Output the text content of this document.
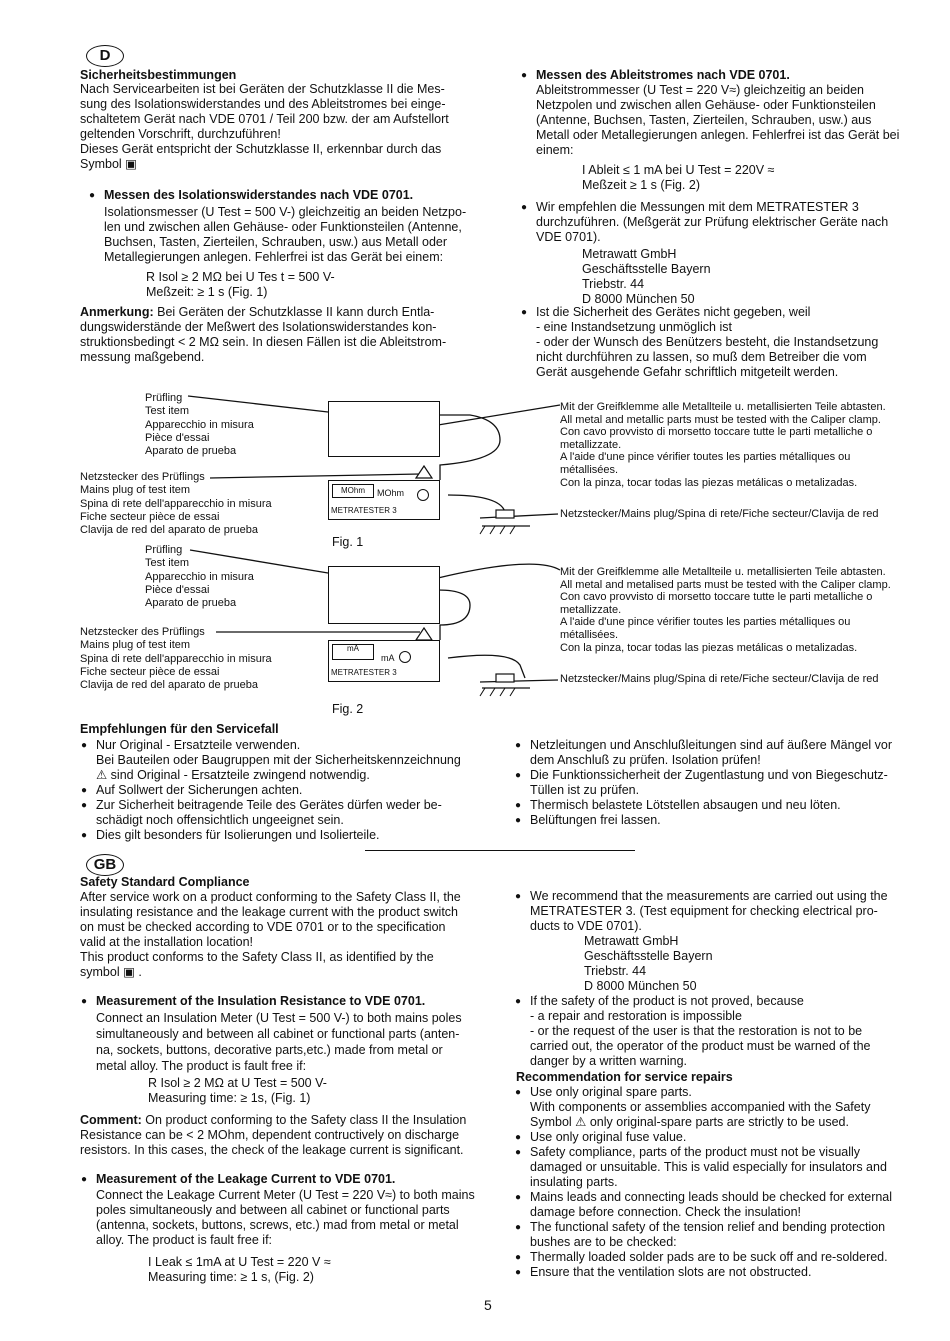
D
Sicherheitsbestimmungen
Nach Servicearbeiten ist bei Geräten der Schutzklasse II die Mes-
sung des Isolationswiderstandes und des Ableitstromes bei einge-
schaltetem Gerät nach VDE 0701 / Teil 200 bzw. der am Aufstellort
geltenden Vorschrift, durchzuführen!
Dieses Gerät entspricht der Schutzklasse II, erkennbar durch das
Symbol ▣
● Messen des Isolationswiderstandes nach VDE 0701.
Isolationsmesser (U Test = 500 V-) gleichzeitig an beiden Netzpo-
len und zwischen allen Gehäuse- oder Funktionsteilen (Antenne,
Buchsen, Tasten, Zierteilen, Schrauben, usw.) aus Metall oder
Metallegierungen anlegen. Fehlerfrei ist das Gerät bei einem:
R Isol ≥ 2 MΩ bei U Tes t = 500 V-
Meßzeit: ≥ 1 s (Fig. 1)
Anmerkung: Bei Geräten der Schutzklasse II kann durch Entla-
dungswiderstände der Meßwert des Isolationswiderstandes kon-
struktionsbedingt < 2 MΩ sein. In diesen Fällen ist die Ableitstrom-
messung maßgebend.
● Messen des Ableitstromes nach VDE 0701.
Ableitstrommesser (U Test = 220 V≈) gleichzeitig an beiden
Netzpolen und zwischen allen Gehäuse- oder Funktionsteilen
(Antenne, Buchsen, Tasten, Zierteilen, Schrauben, usw.) aus
Metall oder Metallegierungen anlegen. Fehlerfrei ist das Gerät bei
einem:
I Ableit ≤ 1 mA bei U Test = 220V ≈
Meßzeit ≥ 1 s (Fig. 2)
● Wir empfehlen die Messungen mit dem METRATESTER 3
durchzuführen. (Meßgerät zur Prüfung elektrischer Geräte nach
VDE 0701).
Metrawatt GmbH
Geschäftsstelle Bayern
Triebstr. 44
D 8000 München 50
● Ist die Sicherheit des Gerätes nicht gegeben, weil
- eine Instandsetzung unmöglich ist
- oder der Wunsch des Benützers besteht, die Instandsetzung
nicht durchführen zu lassen, so muß dem Betreiber die vom
Gerät ausgehende Gefahr schriftlich mitgeteilt werden.
Prüfling
Test item
Apparecchio in misura
Pièce d'essai
Aparato de prueba
Netzstecker des Prüflings
Mains plug of test item
Spina di rete dell'apparecchio in misura
Fiche secteur pièce de essai
Clavija de red del aparato de prueba
MOhm	MOhm
METRATESTER 3
Fig. 1
Mit der Greifklemme alle Metallteile u. metallisierten Teile abtasten.
All metal and metallic parts must be tested with the Caliper clamp.
Con cavo provvisto di morsetto toccare tutte le parti metalliche o
metallizzate.
A l'aide d'une pince vérifier toutes les parties métalliques ou
métallisées.
Con la pinza, tocar todas las piezas metálicas o metalizadas.
Netzstecker/Mains plug/Spina di rete/Fiche secteur/Clavija de red
Prüfling
Test item
Apparecchio in misura
Pièce d'essai
Aparato de prueba
Netzstecker des Prüflings
Mains plug of test item
Spina di rete dell'apparecchio in misura
Fiche secteur pièce de essai
Clavija de red del aparato de prueba
mA
mA
METRATESTER 3
Fig. 2
Mit der Greifklemme alle Metallteile u. metallisierten Teile abtasten.
All metal and metalised parts must be tested with the Caliper clamp.
Con cavo provvisto di morsetto toccare tutte le parti metalliche o
metallizzate.
A l'aide d'une pince vérifier toutes les parties métalliques ou
métallisées.
Con la pinza, tocar todas las piezas metálicas o metalizadas.
Netzstecker/Mains plug/Spina di rete/Fiche secteur/Clavija de red
Empfehlungen für den Servicefall
● Nur Original - Ersatzteile verwenden.
Bei Bauteilen oder Baugruppen mit der Sicherheitskennzeichnung
⚠ sind Original - Ersatzteile zwingend notwendig.
● Auf Sollwert der Sicherungen achten.
● Zur Sicherheit beitragende Teile des Gerätes dürfen weder be-
schädigt noch offensichtlich ungeeignet sein.
● Dies gilt besonders für Isolierungen und Isolierteile.
● Netzleitungen und Anschlußleitungen sind auf äußere Mängel vor
dem Anschluß zu prüfen. Isolation prüfen!
● Die Funktionssicherheit der Zugentlastung und von Biegeschutz-
Tüllen ist zu prüfen.
● Thermisch belastete Lötstellen absaugen und neu löten.
● Belüftungen frei lassen.
GB
Safety Standard Compliance
After service work on a product conforming to the Safety Class II, the
insulating resistance and the leakage current with the product switch
on must be checked according to VDE 0701 or to the specification
valid at the installation location!
This product conforms to the Safety Class II, as identified by the
symbol ▣ .
● Measurement of the Insulation Resistance to VDE 0701.
Connect an Insulation Meter (U Test = 500 V-) to both mains poles
simultaneously and between all cabinet or functional parts (anten-
na, sockets, buttons, decorative parts,etc.) made from metal or
metal alloy. The product is fault free if:
R Isol ≥ 2 MΩ at U Test = 500 V-
Measuring time: ≥ 1s, (Fig. 1)
Comment: On product conforming to the Safety class II the Insulation
Resistance can be < 2 MOhm, dependent contructively on discharge
resistors. In this cases, the check of the leakage current is significant.
● Measurement of the Leakage Current to VDE 0701.
Connect the Leakage Current Meter (U Test = 220 V≈) to both mains
poles simultaneously and between all cabinet or functional parts
(antenna, sockets, buttons, screws, etc.) mad from metal or metal
alloy. The product is fault free if:
I Leak ≤ 1mA at U Test = 220 V ≈
Measuring time: ≥ 1 s, (Fig. 2)
● We recommend that the measurements are carried out using the
METRATESTER 3. (Test equipment for checking electrical pro-
ducts to VDE 0701).
Metrawatt GmbH
Geschäftsstelle Bayern
Triebstr. 44
D 8000 München 50
● If the safety of the product is not proved, because
- a repair and restoration is impossible
- or the request of the user is that the restoration is not to be
carried out, the operator of the product must be warned of the
danger by a written warning.
Recommendation for service repairs
● Use only original spare parts.
With components or assemblies accompanied with the Safety
Symbol ⚠ only original-spare parts are strictly to be used.
● Use only original fuse value.
● Safety compliance, parts of the product must not be visually
damaged or unsuitable. This is valid especially for insulators and
insulating parts.
● Mains leads and connecting leads should be checked for external
damage before connection. Check the insulation!
● The functional safety of the tension relief and bending protection
bushes are to be checked:
● Thermally loaded solder pads are to be suck off and re-soldered.
● Ensure that the ventilation slots are not obstructed.
5
